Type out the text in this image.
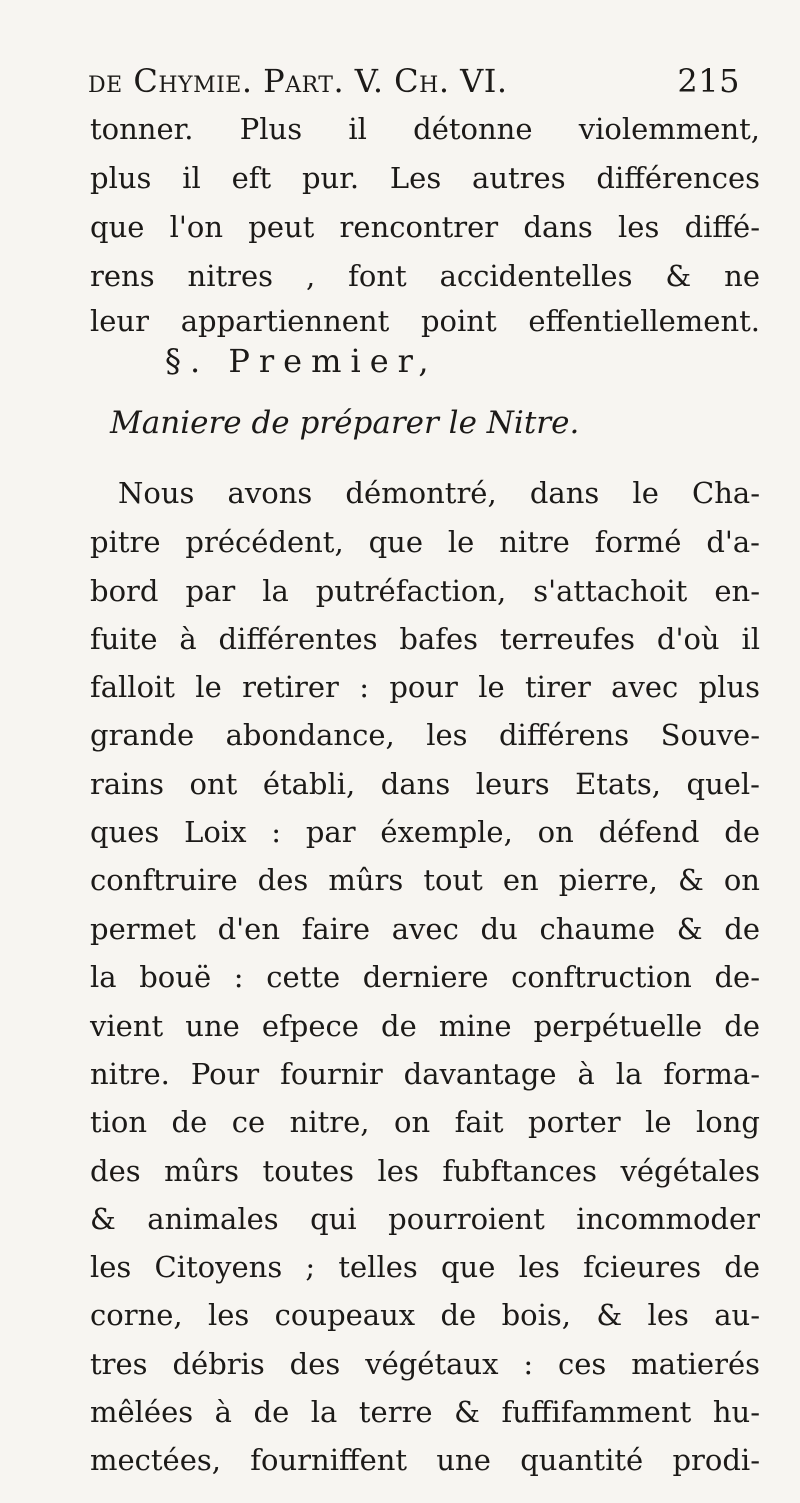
de Chymie. Part. V. Ch. VI.	215
tonner. Plus il détonne violemment,
plus il eft pur. Les autres différences
que l'on peut rencontrer dans les diffé-
rens nitres , font accidentelles & ne
leur appartiennent point effentiellement.
§. Premier,
Maniere de préparer le Nitre.
Nous avons démontré, dans le Cha-
pitre précédent, que le nitre formé d'a-
bord par la putréfaction, s'attachoit en-
fuite à différentes bafes terreufes d'où il
falloit le retirer : pour le tirer avec plus
grande abondance, les différens Souve-
rains ont établi, dans leurs Etats, quel-
ques Loix : par éxemple, on défend de
conftruire des mûrs tout en pierre, & on
permet d'en faire avec du chaume & de
la bouë : cette derniere conftruction de-
vient une efpece de mine perpétuelle de
nitre. Pour fournir davantage à la forma-
tion de ce nitre, on fait porter le long
des mûrs toutes les fubftances végétales
& animales qui pourroient incommoder
les Citoyens ; telles que les fcieures de
corne, les coupeaux de bois, & les au-
tres débris des végétaux : ces matierés
mêlées à de la terre & fuffifamment hu-
mectées, fourniffent une quantité prodi-
